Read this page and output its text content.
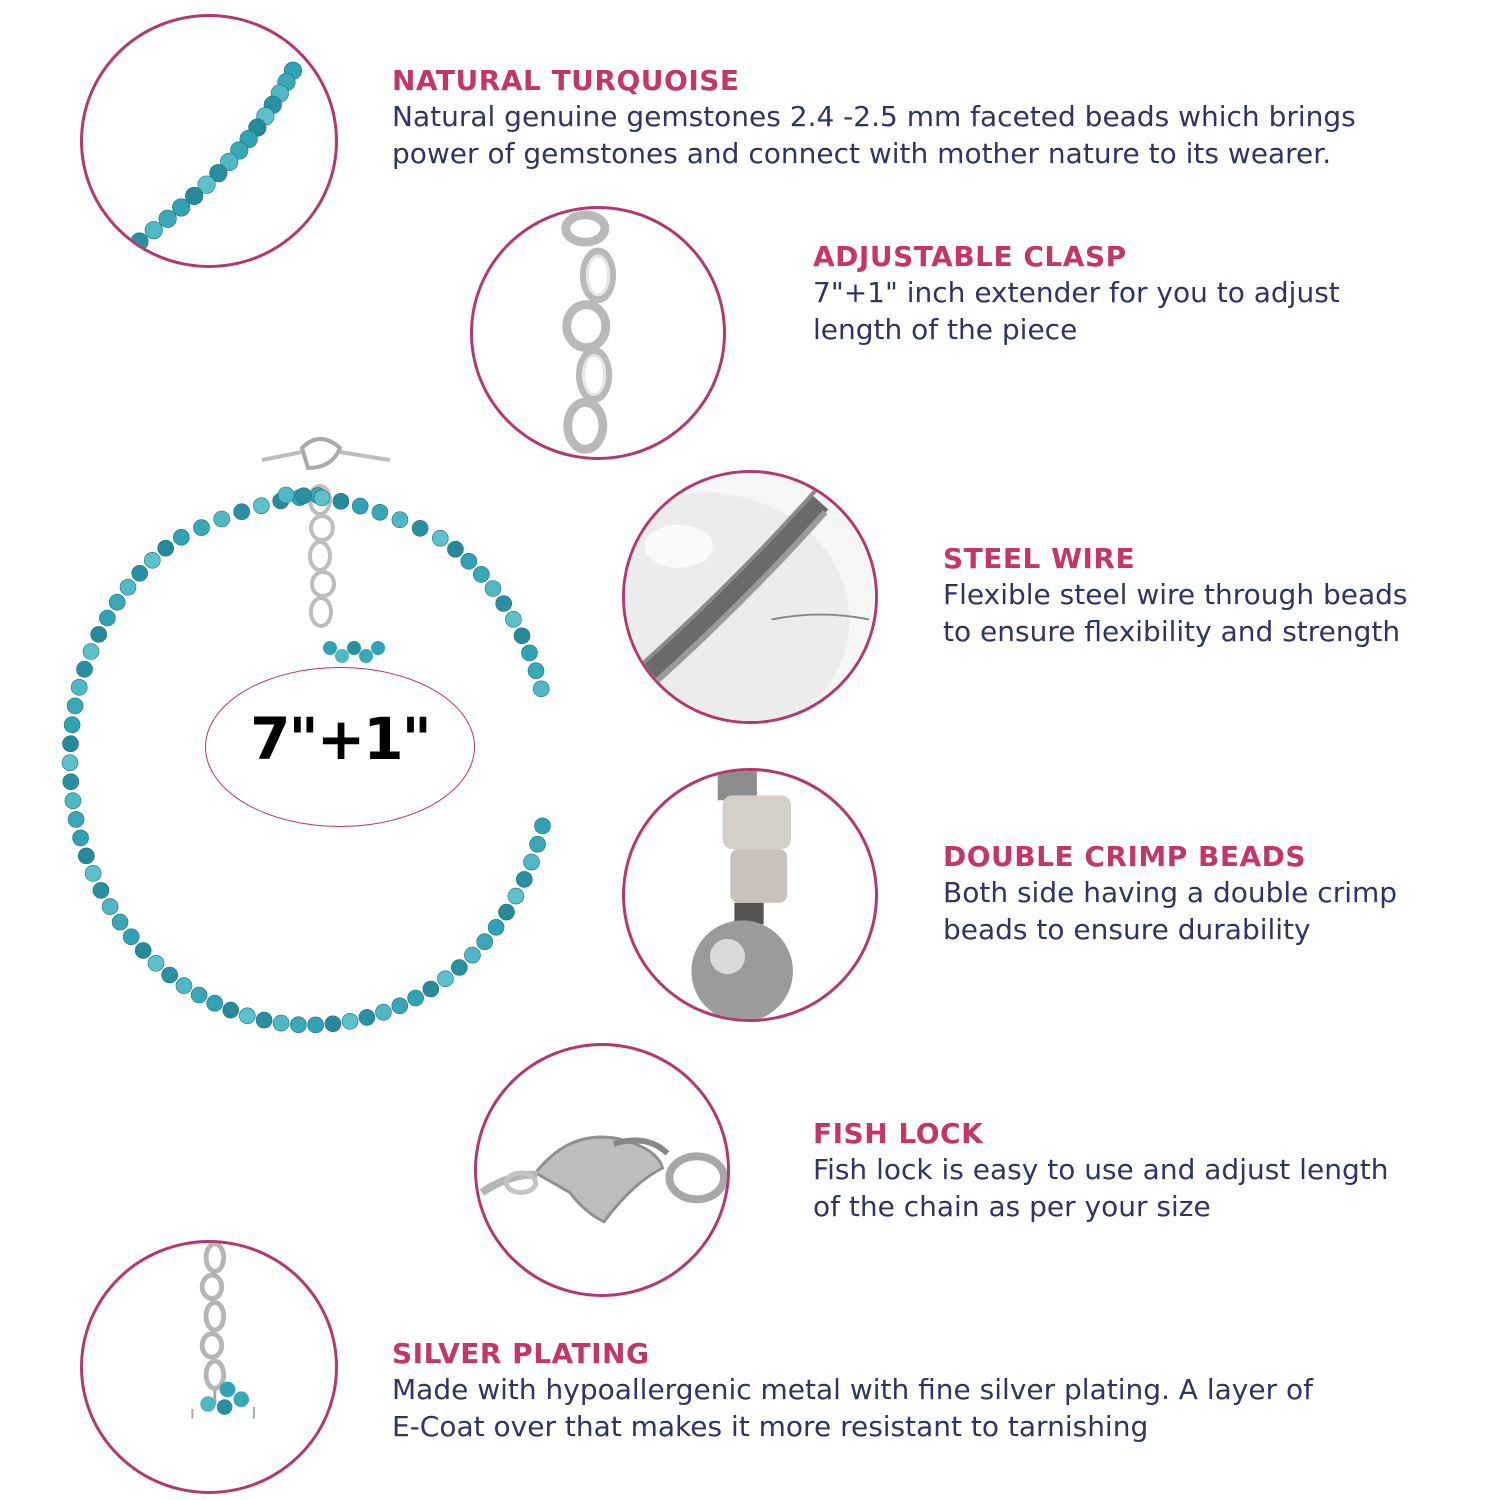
NATURAL TURQUOISE
Natural genuine gemstones 2.4 -2.5 mm faceted beads which brings
power of gemstones and connect with mother nature to its wearer.
ADJUSTABLE CLASP
7"+1" inch extender for you to adjust
length of the piece
STEEL WIRE
Flexible steel wire through beads
to ensure flexibility and strength
DOUBLE CRIMP BEADS
Both side having a double crimp
beads to ensure durability
FISH LOCK
Fish lock is easy to use and adjust length
of the chain as per your size
SILVER PLATING
Made with hypoallergenic metal with fine silver plating. A layer of
E-Coat over that makes it more resistant to tarnishing
7"+1"
